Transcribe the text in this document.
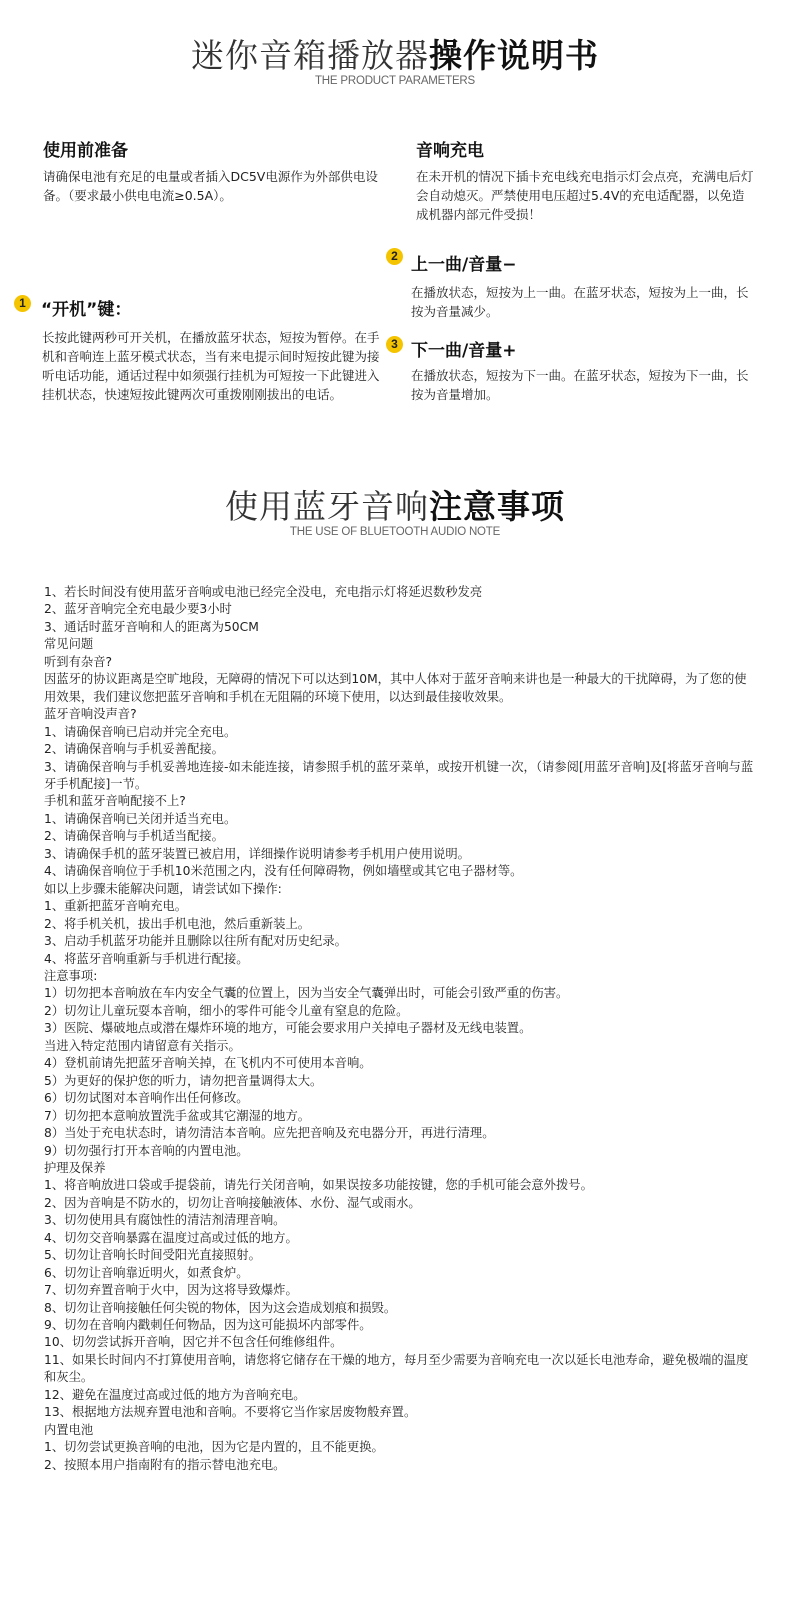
迷你音箱播放器操作说明书
THE PRODUCT PARAMETERS
使用前准备
请确保电池有充足的电量或者插入DC5V电源作为外部供电设备。（要求最小供电电流≥0.5A）。
音响充电
在未开机的情况下插卡充电线充电指示灯会点亮，充满电后灯会自动熄灭。严禁使用电压超过5.4V的充电适配器，以免造成机器内部元件受损！
1 “开机”键：
长按此键两秒可开关机，在播放蓝牙状态，短按为暂停。在手机和音响连上蓝牙模式状态，当有来电提示间时短按此键为接听电话功能，通话过程中如须强行挂机为可短按一下此键进入挂机状态，快速短按此键两次可重拨刚刚拔出的电话。
2 上一曲/音量−
在播放状态，短按为上一曲。在蓝牙状态，短按为上一曲，长按为音量减少。
3 下一曲/音量+
在播放状态，短按为下一曲。在蓝牙状态，短按为下一曲，长按为音量增加。
使用蓝牙音响注意事项
THE USE OF BLUETOOTH AUDIO NOTE
1、若长时间没有使用蓝牙音响或电池已经完全没电，充电指示灯将延迟数秒发亮
2、蓝牙音响完全充电最少要3小时
3、通话时蓝牙音响和人的距离为50CM
常见问题
听到有杂音?
因蓝牙的协议距离是空旷地段，无障碍的情况下可以达到10M，其中人体对于蓝牙音响来讲也是一种最大的干扰障碍，为了您的使用效果，我们建议您把蓝牙音响和手机在无阻隔的环境下使用，以达到最佳接收效果。
蓝牙音响没声音?
1、请确保音响已启动并完全充电。
2、请确保音响与手机妥善配接。
3、请确保音响与手机妥善地连接-如未能连接，请参照手机的蓝牙菜单，或按开机键一次，（请参阅[用蓝牙音响]及[将蓝牙音响与蓝牙手机配接]一节。
手机和蓝牙音响配接不上?
1、请确保音响已关闭并适当充电。
2、请确保音响与手机适当配接。
3、请确保手机的蓝牙装置已被启用，详细操作说明请参考手机用户使用说明。
4、请确保音响位于手机10米范围之内，没有任何障碍物，例如墙壁或其它电子器材等。
如以上步骤未能解决问题，请尝试如下操作:
1、重新把蓝牙音响充电。
2、将手机关机，拔出手机电池，然后重新装上。
3、启动手机蓝牙功能并且删除以往所有配对历史纪录。
4、将蓝牙音响重新与手机进行配接。
注意事项:
1）切勿把本音响放在车内安全气囊的位置上，因为当安全气囊弹出时，可能会引致严重的伤害。
2）切勿让儿童玩耍本音响，细小的零件可能令儿童有窒息的危险。
3）医院、爆破地点或潜在爆炸环境的地方，可能会要求用户关掉电子器材及无线电装置。
当进入特定范围内请留意有关指示。
4）登机前请先把蓝牙音响关掉，在飞机内不可使用本音响。
5）为更好的保护您的听力，请勿把音量调得太大。
6）切勿试图对本音响作出任何修改。
7）切勿把本意响放置洗手盆或其它潮湿的地方。
8）当处于充电状态时，请勿清洁本音响。应先把音响及充电器分开，再进行清理。
9）切勿强行打开本音响的内置电池。
护理及保养
1、将音响放进口袋或手提袋前，请先行关闭音响，如果误按多功能按键，您的手机可能会意外拨号。
2、因为音响是不防水的，切勿让音响接触液体、水份、湿气或雨水。
3、切勿使用具有腐蚀性的清洁剂清理音响。
4、切勿交音响暴露在温度过高或过低的地方。
5、切勿让音响长时间受阳光直接照射。
6、切勿让音响靠近明火，如煮食炉。
7、切勿弃置音响于火中，因为这将导致爆炸。
8、切勿让音响接触任何尖锐的物体，因为这会造成划痕和损毁。
9、切勿在音响内戳刺任何物品，因为这可能损坏内部零件。
10、切勿尝试拆开音响，因它并不包含任何维修组件。
11、如果长时间内不打算使用音响，请您将它储存在干燥的地方，每月至少需要为音响充电一次以延长电池寿命，避免极端的温度和灰尘。
12、避免在温度过高或过低的地方为音响充电。
13、根据地方法规弃置电池和音响。不要将它当作家居废物般弃置。
内置电池
1、切勿尝试更换音响的电池，因为它是内置的，且不能更换。
2、按照本用户指南附有的指示替电池充电。
